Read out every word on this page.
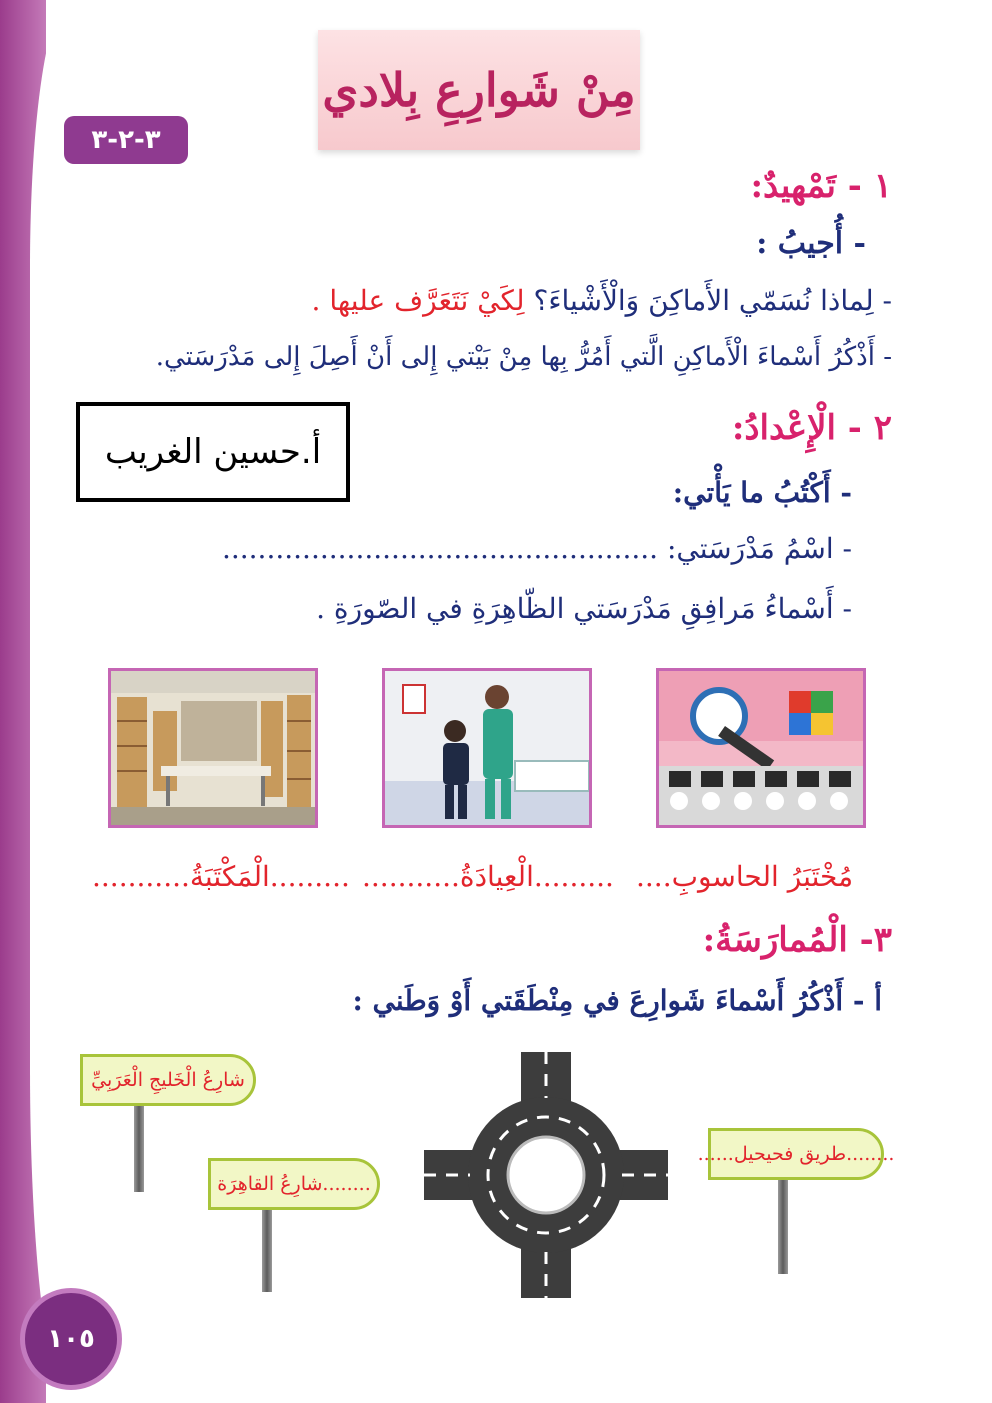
مِنْ شَوارِعِ بِلادي
٣-٢-٣
١ - تَمْهيدٌ:
- أُجيبُ :
- لِماذا نُسَمّي الأَماكِنَ وَالْأَشْياءَ؟ لِكَيْ نَتَعَرَّف عليها .
- أَذْكُرُ أَسْماءَ الْأَماكِنِ الَّتي أَمُرُّ بِها مِنْ بَيْتي إِلى أَنْ أَصِلَ إِلى مَدْرَسَتي.
أ.حسين الغريب
٢ - الْإِعْدادُ:
- أَكْتُبُ ما يَأْتي:
- اسْمُ مَدْرَسَتي: .................................................
- أَسْماءُ مَرافِقِ مَدْرَسَتي الظّاهِرَةِ في الصّورَةِ .
مُخْتَبَرُ الحاسوبِ....
.........الْعِيادَةُ...........
.........الْمَكْتَبَةُ...........
٣- الْمُمارَسَةُ:
أ - أَذْكُرُ أَسْماءَ شَوارِعَ في مِنْطَقَتي أَوْ وَطَني :
شارِعُ الْخَليجِ الْعَرَبِيِّ
........شارِعُ القاهِرَة
........طريق فحيحيل......
١٠٥
